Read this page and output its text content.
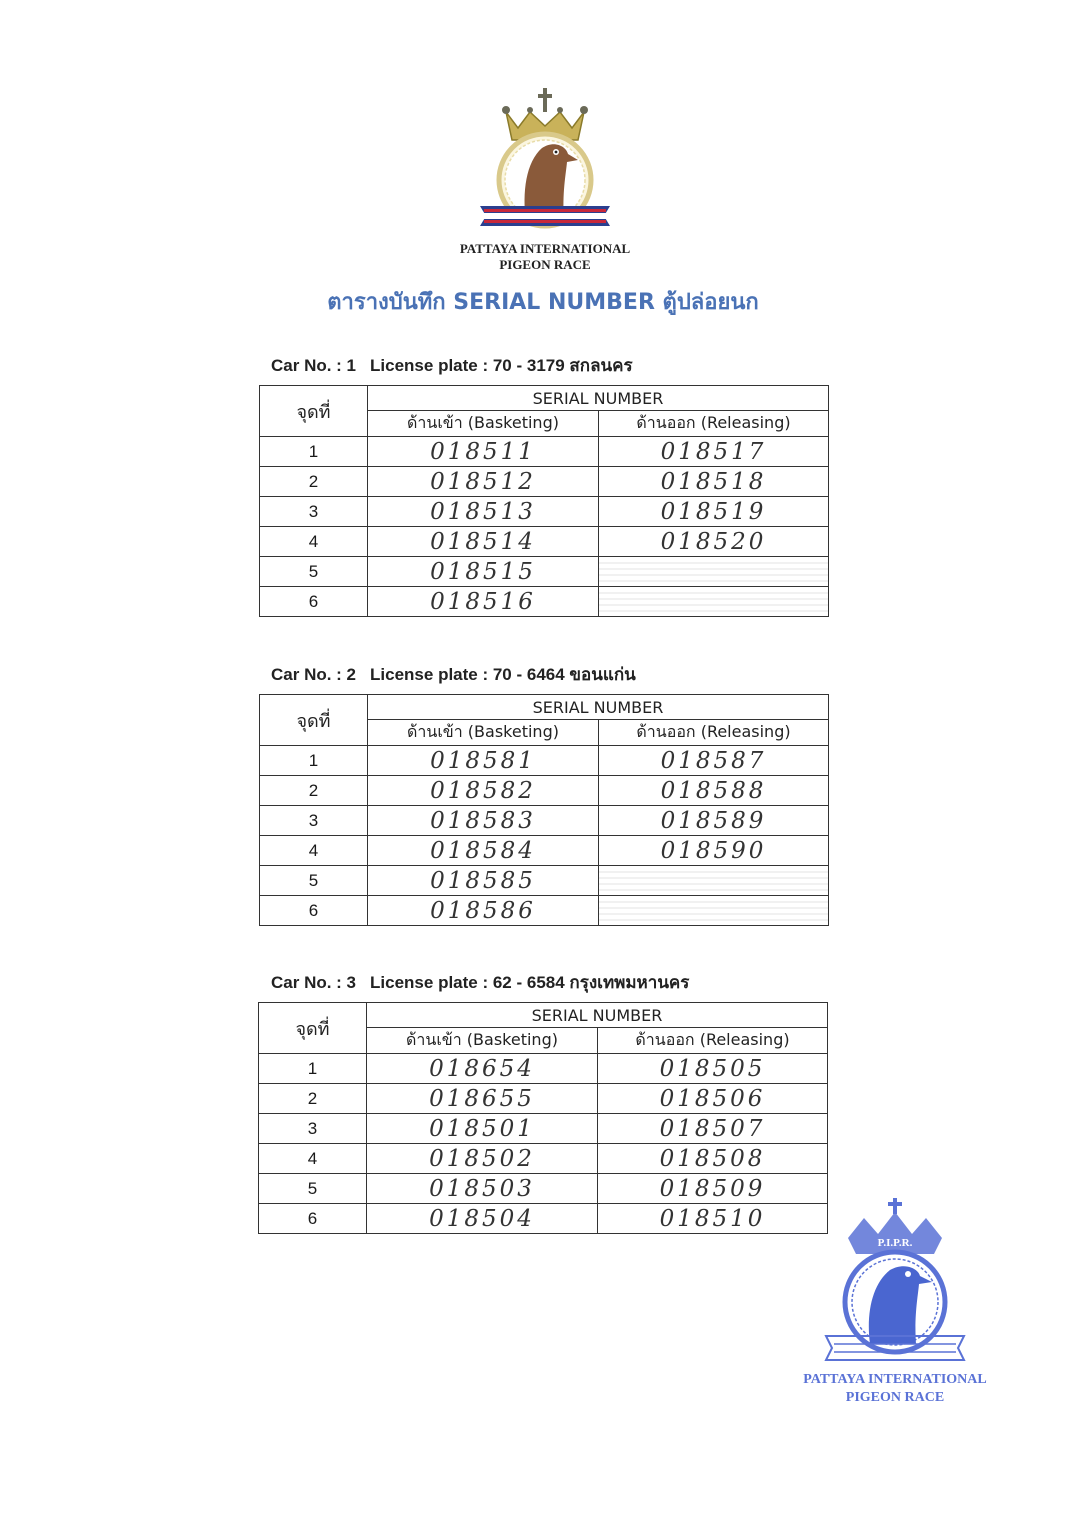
PATTAYA INTERNATIONAL
PIGEON RACE
ตารางบันทึก SERIAL NUMBER ตู้ปล่อยนก
Car No. : 1 License plate : 70 - 3179 สกลนคร
จุดที่	SERIAL NUMBER	
	ด้านเข้า (Basketing)	ด้านออก (Releasing)
1	018511	018517
2	018512	018518
3	018513	018519
4	018514	018520
5	018515	
6	018516	
Car No. : 2 License plate : 70 - 6464 ขอนแก่น
จุดที่	SERIAL NUMBER	
	ด้านเข้า (Basketing)	ด้านออก (Releasing)
1	018581	018587
2	018582	018588
3	018583	018589
4	018584	018590
5	018585	
6	018586	
Car No. : 3 License plate : 62 - 6584 กรุงเทพมหานคร
จุดที่	SERIAL NUMBER	
	ด้านเข้า (Basketing)	ด้านออก (Releasing)
1	018654	018505
2	018655	018506
3	018501	018507
4	018502	018508
5	018503	018509
6	018504	018510
P.I.P.R.
PATTAYA INTERNATIONAL
PIGEON RACE
